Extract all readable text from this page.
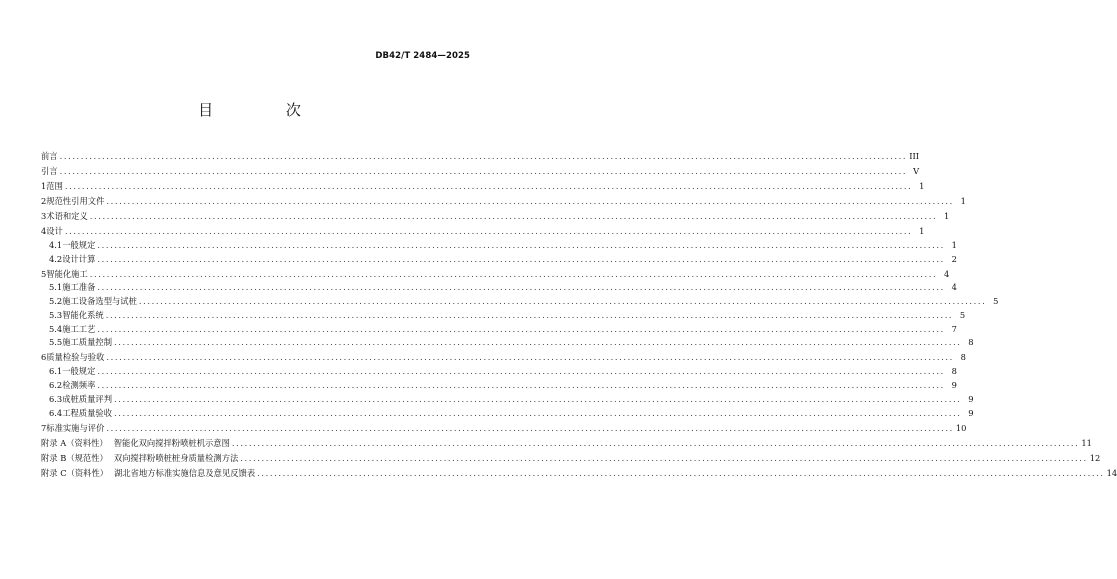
DB42/T 2484—2025
目 次
前言 ........................................................................................................................................................................................................ III
引言 ........................................................................................................................................................................................................ V
1 范围 ........................................................................................................................................................................................................ 1
2 规范性引用文件 ........................................................................................................................................................................................................ 1
3 术语和定义 ........................................................................................................................................................................................................ 1
4 设计 ........................................................................................................................................................................................................ 1
4.1 一般规定 ........................................................................................................................................................................................................ 1
4.2 设计计算 ........................................................................................................................................................................................................ 2
5 智能化施工 ........................................................................................................................................................................................................ 4
5.1 施工准备 ........................................................................................................................................................................................................ 4
5.2 施工设备选型与试桩 ........................................................................................................................................................................................................ 5
5.3 智能化系统 ........................................................................................................................................................................................................ 5
5.4 施工工艺 ........................................................................................................................................................................................................ 7
5.5 施工质量控制 ........................................................................................................................................................................................................ 8
6 质量检验与验收 ........................................................................................................................................................................................................ 8
6.1 一般规定 ........................................................................................................................................................................................................ 8
6.2 检测频率 ........................................................................................................................................................................................................ 9
6.3 成桩质量评判 ........................................................................................................................................................................................................ 9
6.4 工程质量验收 ........................................................................................................................................................................................................ 9
7 标准实施与评价 ........................................................................................................................................................................................................ 10
附录 A（资料性） 智能化双向搅拌粉喷桩机示意图 ........................................................................................................................................................................................................ 11
附录 B（规范性） 双向搅拌粉喷桩桩身质量检测方法 ........................................................................................................................................................................................................ 12
附录 C（资料性） 湖北省地方标准实施信息及意见反馈表 ........................................................................................................................................................................................................ 14
